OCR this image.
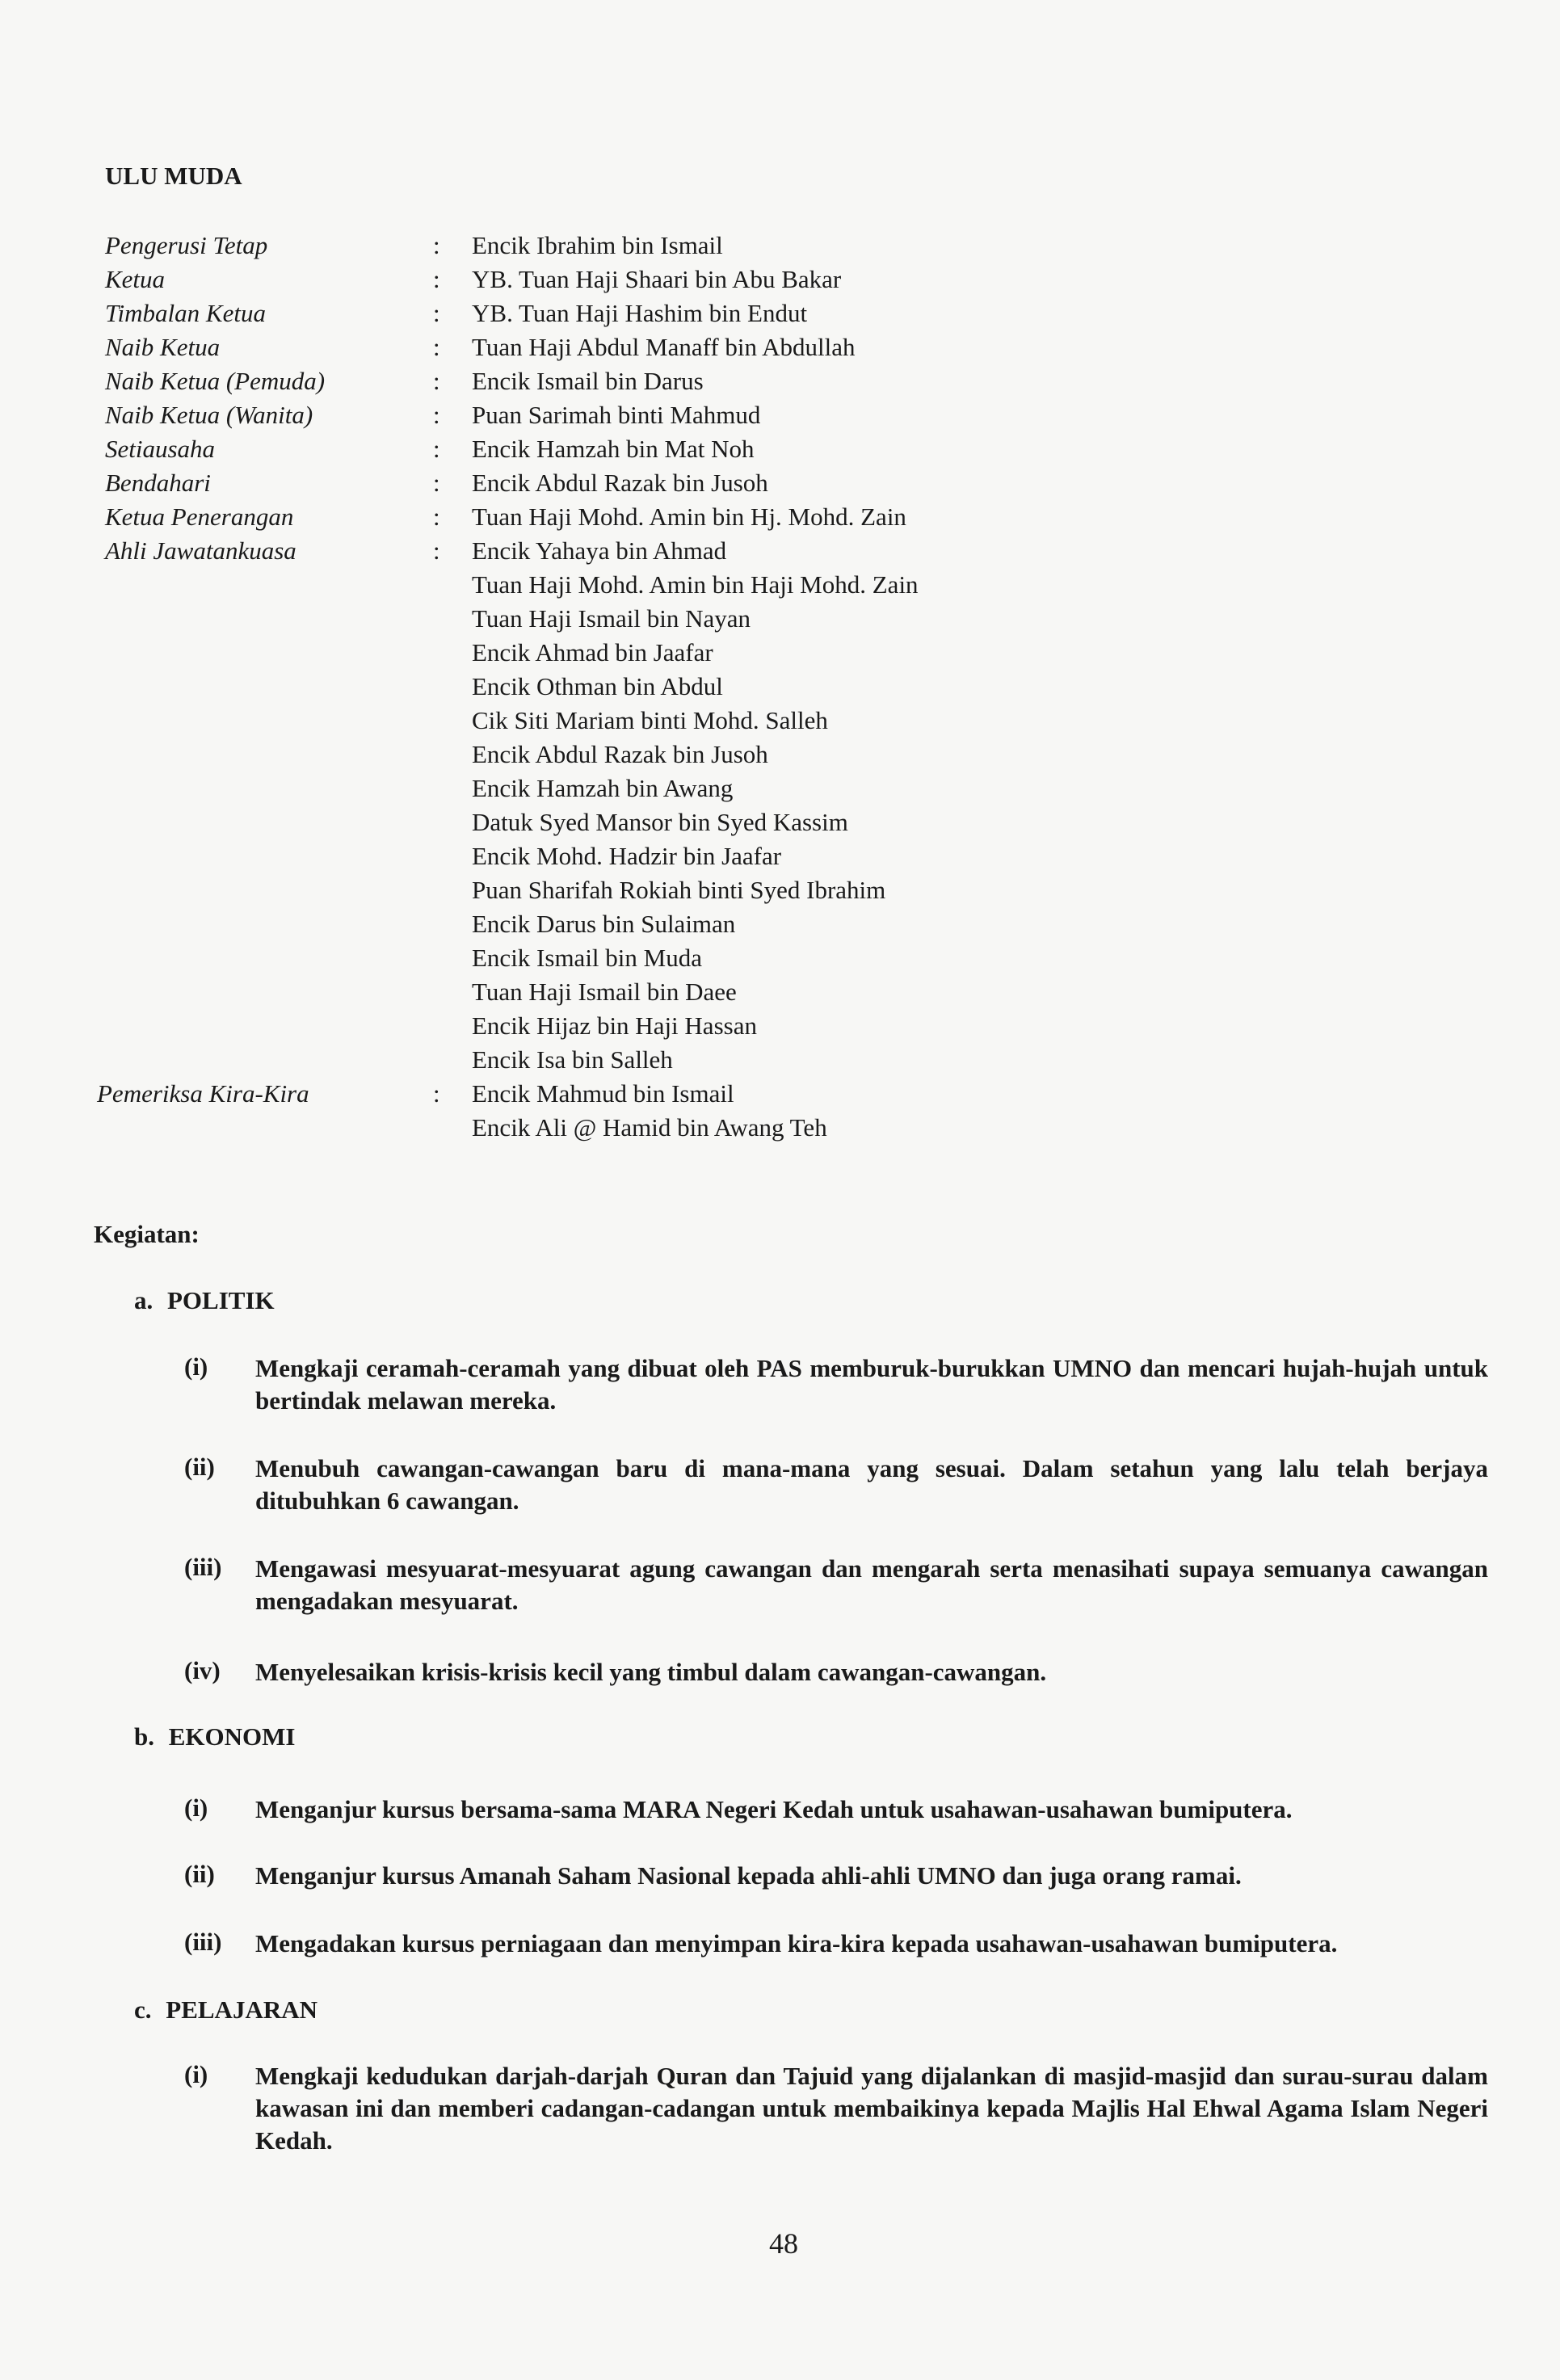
ULU MUDA
Pengerusi Tetap	: Encik Ibrahim bin Ismail
Ketua	: YB. Tuan Haji Shaari bin Abu Bakar
Timbalan Ketua	: YB. Tuan Haji Hashim bin Endut
Naib Ketua	: Tuan Haji Abdul Manaff bin Abdullah
Naib Ketua (Pemuda)	: Encik Ismail bin Darus
Naib Ketua (Wanita)	: Puan Sarimah binti Mahmud
Setiausaha	: Encik Hamzah bin Mat Noh
Bendahari	: Encik Abdul Razak bin Jusoh
Ketua Penerangan	: Tuan Haji Mohd. Amin bin Hj. Mohd. Zain
Ahli Jawatankuasa	: Encik Yahaya bin Ahmad
Tuan Haji Mohd. Amin bin Haji Mohd. Zain
Tuan Haji Ismail bin Nayan
Encik Ahmad bin Jaafar
Encik Othman bin Abdul
Cik Siti Mariam binti Mohd. Salleh
Encik Abdul Razak bin Jusoh
Encik Hamzah bin Awang
Datuk Syed Mansor bin Syed Kassim
Encik Mohd. Hadzir bin Jaafar
Puan Sharifah Rokiah binti Syed Ibrahim
Encik Darus bin Sulaiman
Encik Ismail bin Muda
Tuan Haji Ismail bin Daee
Encik Hijaz bin Haji Hassan
Encik Isa bin Salleh
Pemeriksa Kira-Kira	: Encik Mahmud bin Ismail
Encik Ali @ Hamid bin Awang Teh
Kegiatan:
a. POLITIK
(i) Mengkaji ceramah-ceramah yang dibuat oleh PAS memburuk-burukkan UMNO dan mencari hujah-hujah untuk bertindak melawan mereka.
(ii) Menubuh cawangan-cawangan baru di mana-mana yang sesuai. Dalam setahun yang lalu telah berjaya ditubuhkan 6 cawangan.
(iii) Mengawasi mesyuarat-mesyuarat agung cawangan dan mengarah serta menasihati supaya semuanya cawangan mengadakan mesyuarat.
(iv) Menyelesaikan krisis-krisis kecil yang timbul dalam cawangan-cawangan.
b. EKONOMI
(i) Menganjur kursus bersama-sama MARA Negeri Kedah untuk usahawan-usahawan bumiputera.
(ii) Menganjur kursus Amanah Saham Nasional kepada ahli-ahli UMNO dan juga orang ramai.
(iii) Mengadakan kursus perniagaan dan menyimpan kira-kira kepada usahawan-usahawan bumiputera.
c. PELAJARAN
(i) Mengkaji kedudukan darjah-darjah Quran dan Tajuid yang dijalankan di masjid-masjid dan surau-surau dalam kawasan ini dan memberi cadangan-cadangan untuk membaikinya kepada Majlis Hal Ehwal Agama Islam Negeri Kedah.
48
